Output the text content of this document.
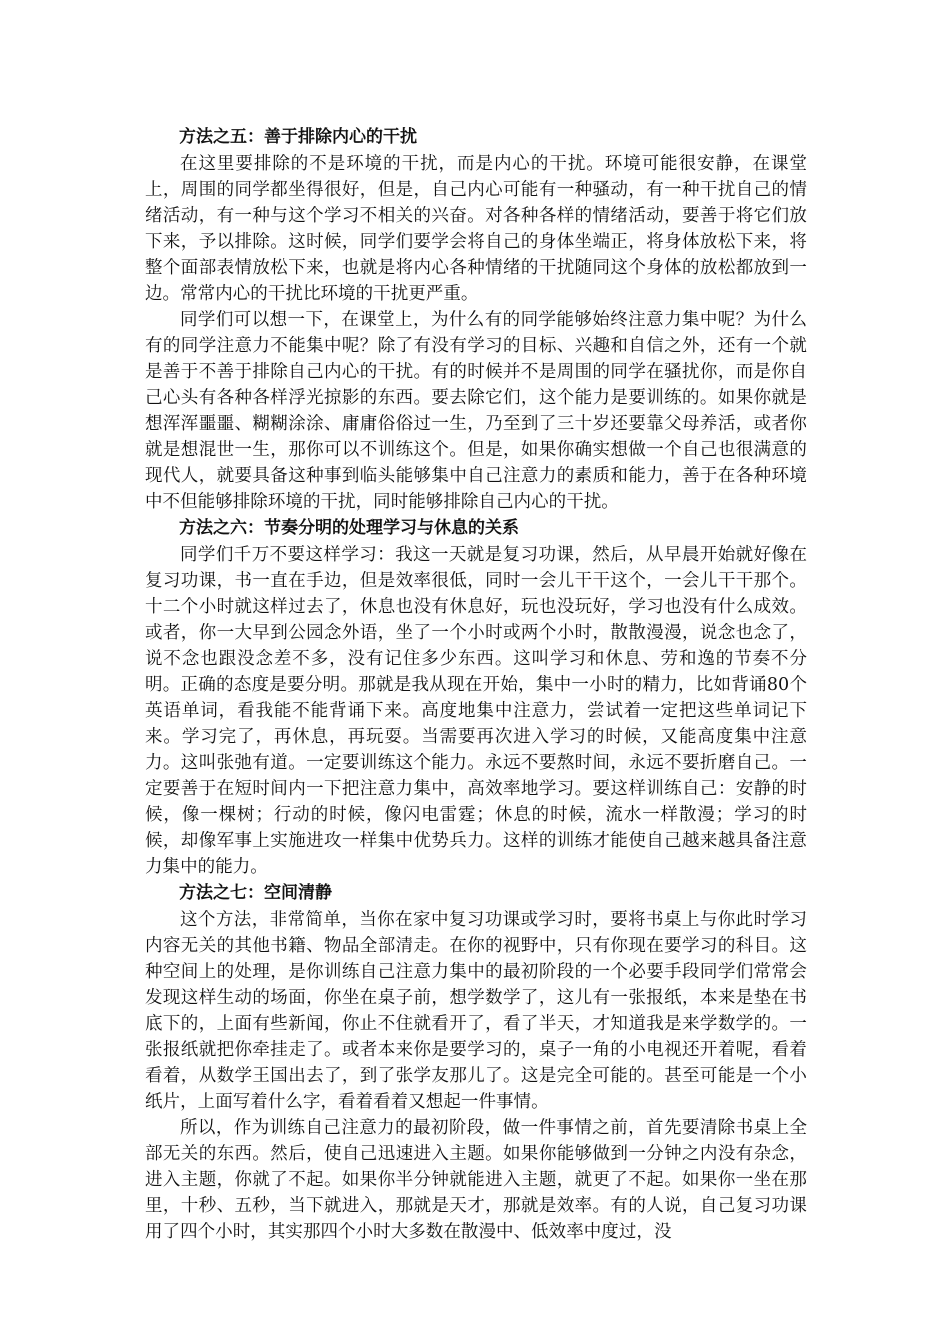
方法之五：善于排除内心的干扰

在这里要排除的不是环境的干扰，而是内心的干扰。环境可能很安静，在课堂上，周围的同学都坐得很好，但是，自己内心可能有一种骚动，有一种干扰自己的情绪活动，有一种与这个学习不相关的兴奋。对各种各样的情绪活动，要善于将它们放下来，予以排除。这时候，同学们要学会将自己的身体坐端正，将身体放松下来，将整个面部表情放松下来，也就是将内心各种情绪的干扰随同这个身体的放松都放到一边。常常内心的干扰比环境的干扰更严重。

同学们可以想一下，在课堂上，为什么有的同学能够始终注意力集中呢？为什么有的同学注意力不能集中呢？除了有没有学习的目标、兴趣和自信之外，还有一个就是善于不善于排除自己内心的干扰。有的时候并不是周围的同学在骚扰你，而是你自己心头有各种各样浮光掠影的东西。要去除它们，这个能力是要训练的。如果你就是想浑浑噩噩、糊糊涂涂、庸庸俗俗过一生，乃至到了三十岁还要靠父母养活，或者你就是想混世一生，那你可以不训练这个。但是，如果你确实想做一个自己也很满意的现代人，就要具备这种事到临头能够集中自己注意力的素质和能力，善于在各种环境中不但能够排除环境的干扰，同时能够排除自己内心的干扰。

方法之六：节奏分明的处理学习与休息的关系

同学们千万不要这样学习：我这一天就是复习功课，然后，从早晨开始就好像在复习功课，书一直在手边，但是效率很低，同时一会儿干干这个，一会儿干干那个。十二个小时就这样过去了，休息也没有休息好，玩也没玩好，学习也没有什么成效。或者，你一大早到公园念外语，坐了一个小时或两个小时，散散漫漫，说念也念了，说不念也跟没念差不多，没有记住多少东西。这叫学习和休息、劳和逸的节奏不分明。正确的态度是要分明。那就是我从现在开始，集中一小时的精力，比如背诵80个英语单词，看我能不能背诵下来。高度地集中注意力，尝试着一定把这些单词记下来。学习完了，再休息，再玩耍。当需要再次进入学习的时候，又能高度集中注意力。这叫张弛有道。一定要训练这个能力。永远不要熬时间，永远不要折磨自己。一定要善于在短时间内一下把注意力集中，高效率地学习。要这样训练自己：安静的时候，像一棵树；行动的时候，像闪电雷霆；休息的时候，流水一样散漫；学习的时候，却像军事上实施进攻一样集中优势兵力。这样的训练才能使自己越来越具备注意力集中的能力。

方法之七：空间清静

这个方法，非常简单，当你在家中复习功课或学习时，要将书桌上与你此时学习内容无关的其他书籍、物品全部清走。在你的视野中，只有你现在要学习的科目。这种空间上的处理，是你训练自己注意力集中的最初阶段的一个必要手段同学们常常会发现这样生动的场面，你坐在桌子前，想学数学了，这儿有一张报纸，本来是垫在书底下的，上面有些新闻，你止不住就看开了，看了半天，才知道我是来学数学的。一张报纸就把你牵挂走了。或者本来你是要学习的，桌子一角的小电视还开着呢，看着看着，从数学王国出去了，到了张学友那儿了。这是完全可能的。甚至可能是一个小纸片，上面写着什么字，看着看着又想起一件事情。

所以，作为训练自己注意力的最初阶段，做一件事情之前，首先要清除书桌上全部无关的东西。然后，使自己迅速进入主题。如果你能够做到一分钟之内没有杂念，进入主题，你就了不起。如果你半分钟就能进入主题，就更了不起。如果你一坐在那里，十秒、五秒，当下就进入，那就是天才，那就是效率。有的人说，自己复习功课用了四个小时，其实那四个小时大多数在散漫中、低效率中度过，没
